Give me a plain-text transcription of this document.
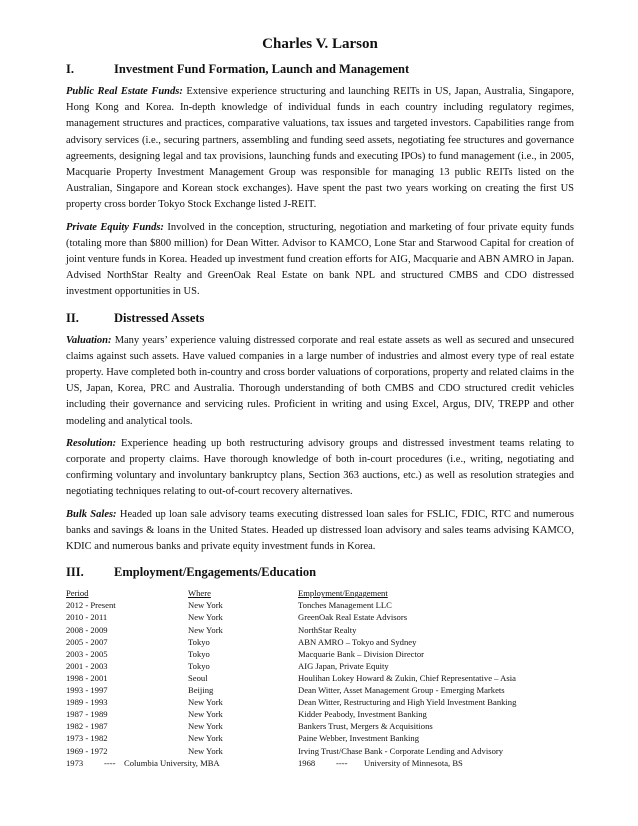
Charles V. Larson
I.	Investment Fund Formation, Launch and Management

Public Real Estate Funds: Extensive experience structuring and launching REITs in US, Japan, Australia, Singapore, Hong Kong and Korea. In-depth knowledge of individual funds in each country including regulatory regimes, management structures and practices, comparative valuations, tax issues and targeted investors. Capabilities range from advisory services (i.e., securing partners, assembling and funding seed assets, negotiating fee structures and governance agreements, designing legal and tax provisions, launching funds and executing IPOs) to fund management (i.e., in 2005, Macquarie Property Investment Management Group was responsible for managing 13 public REITs listed on the Australian, Singapore and Korean stock exchanges). Have spent the past two years working on creating the first US property cross border Tokyo Stock Exchange listed J-REIT.

Private Equity Funds: Involved in the conception, structuring, negotiation and marketing of four private equity funds (totaling more than $800 million) for Dean Witter. Advisor to KAMCO, Lone Star and Starwood Capital for creation of joint venture funds in Korea. Headed up investment fund creation efforts for AIG, Macquarie and ABN AMRO in Japan. Advised NorthStar Realty and GreenOak Real Estate on bank NPL and structured CMBS and CDO distressed investment opportunities in US.

II.	Distressed Assets

Valuation: Many years’ experience valuing distressed corporate and real estate assets as well as secured and unsecured claims against such assets. Have valued companies in a large number of industries and almost every type of real estate property. Have completed both in-country and cross border valuations of corporations, property and related claims in the US, Japan, Korea, PRC and Australia. Thorough understanding of both CMBS and CDO structured credit vehicles including their governance and servicing rules. Proficient in writing and using Excel, Argus, DIV, TREPP and other modeling and analytical tools.

Resolution: Experience heading up both restructuring advisory groups and distressed investment teams relating to corporate and property claims. Have thorough knowledge of both in-court procedures (i.e., writing, negotiating and confirming voluntary and involuntary bankruptcy plans, Section 363 auctions, etc.) as well as resolution strategies and negotiating techniques relating to out-of-court recovery alternatives.

Bulk Sales: Headed up loan sale advisory teams executing distressed loan sales for FSLIC, FDIC, RTC and numerous banks and savings & loans in the United States. Headed up distressed loan advisory and sales teams advising KAMCO, KDIC and numerous banks and private equity investment funds in Korea.

III.	Employment/Engagements/Education
Period	Where	Employment/Engagement
2012 - Present	New York	Tonches Management LLC
2010 - 2011	New York	GreenOak Real Estate Advisors
2008 - 2009	New York	NorthStar Realty
2005 - 2007	Tokyo	ABN AMRO – Tokyo and Sydney
2003 - 2005	Tokyo	Macquarie Bank – Division Director
2001 - 2003	Tokyo	AIG Japan, Private Equity
1998 - 2001	Seoul	Houlihan Lokey Howard & Zukin, Chief Representative – Asia
1993 - 1997	Beijing	Dean Witter, Asset Management Group - Emerging Markets
1989 - 1993	New York	Dean Witter, Restructuring and High Yield Investment Banking
1987 - 1989	New York	Kidder Peabody, Investment Banking
1982 - 1987	New York	Bankers Trust, Mergers & Acquisitions
1973 - 1982	New York	Paine Webber, Investment Banking
1969 - 1972	New York	Irving Trust/Chase Bank - Corporate Lending and Advisory
1973	---- Columbia University, MBA	1968	----	University of Minnesota, BS
